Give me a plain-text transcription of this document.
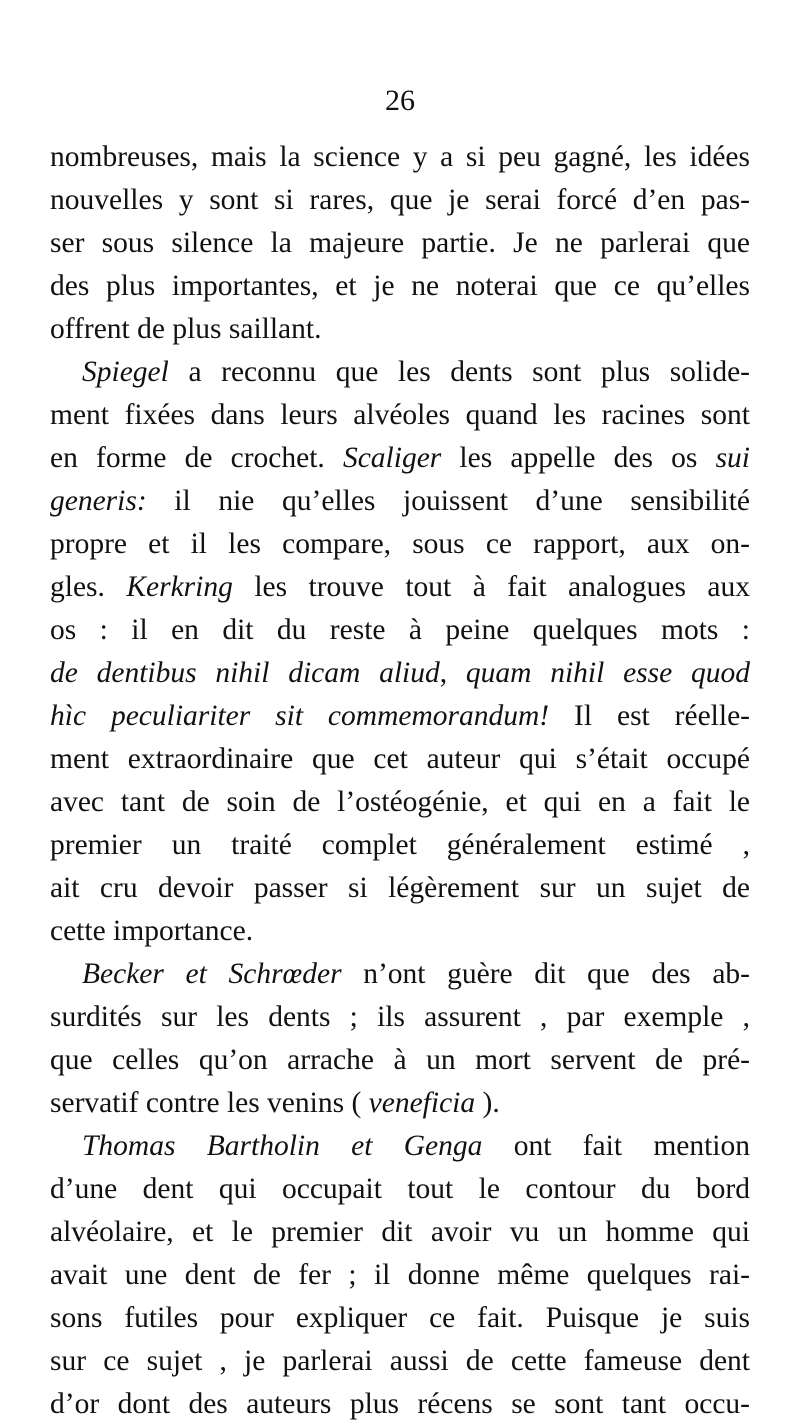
26
nombreuses, mais la science y a si peu gagné, les idées
nouvelles y sont si rares, que je serai forcé d’en pas-
ser sous silence la majeure partie. Je ne parlerai que
des plus importantes, et je ne noterai que ce qu’elles
offrent de plus saillant.
Spiegel a reconnu que les dents sont plus solide-
ment fixées dans leurs alvéoles quand les racines sont
en forme de crochet. Scaliger les appelle des os sui
generis: il nie qu’elles jouissent d’une sensibilité
propre et il les compare, sous ce rapport, aux on-
gles. Kerkring les trouve tout à fait analogues aux
os : il en dit du reste à peine quelques mots :
de dentibus nihil dicam aliud, quam nihil esse quod
hìc peculiariter sit commemorandum! Il est réelle-
ment extraordinaire que cet auteur qui s’était occupé
avec tant de soin de l’ostéogénie, et qui en a fait le
premier un traité complet généralement estimé ,
ait cru devoir passer si légèrement sur un sujet de
cette importance.
Becker et Schrœder n’ont guère dit que des ab-
surdités sur les dents ; ils assurent , par exemple ,
que celles qu’on arrache à un mort servent de pré-
servatif contre les venins ( veneficia ).
Thomas Bartholin et Genga ont fait mention
d’une dent qui occupait tout le contour du bord
alvéolaire, et le premier dit avoir vu un homme qui
avait une dent de fer ; il donne même quelques rai-
sons futiles pour expliquer ce fait. Puisque je suis
sur ce sujet , je parlerai aussi de cette fameuse dent
d’or dont des auteurs plus récens se sont tant occu-
